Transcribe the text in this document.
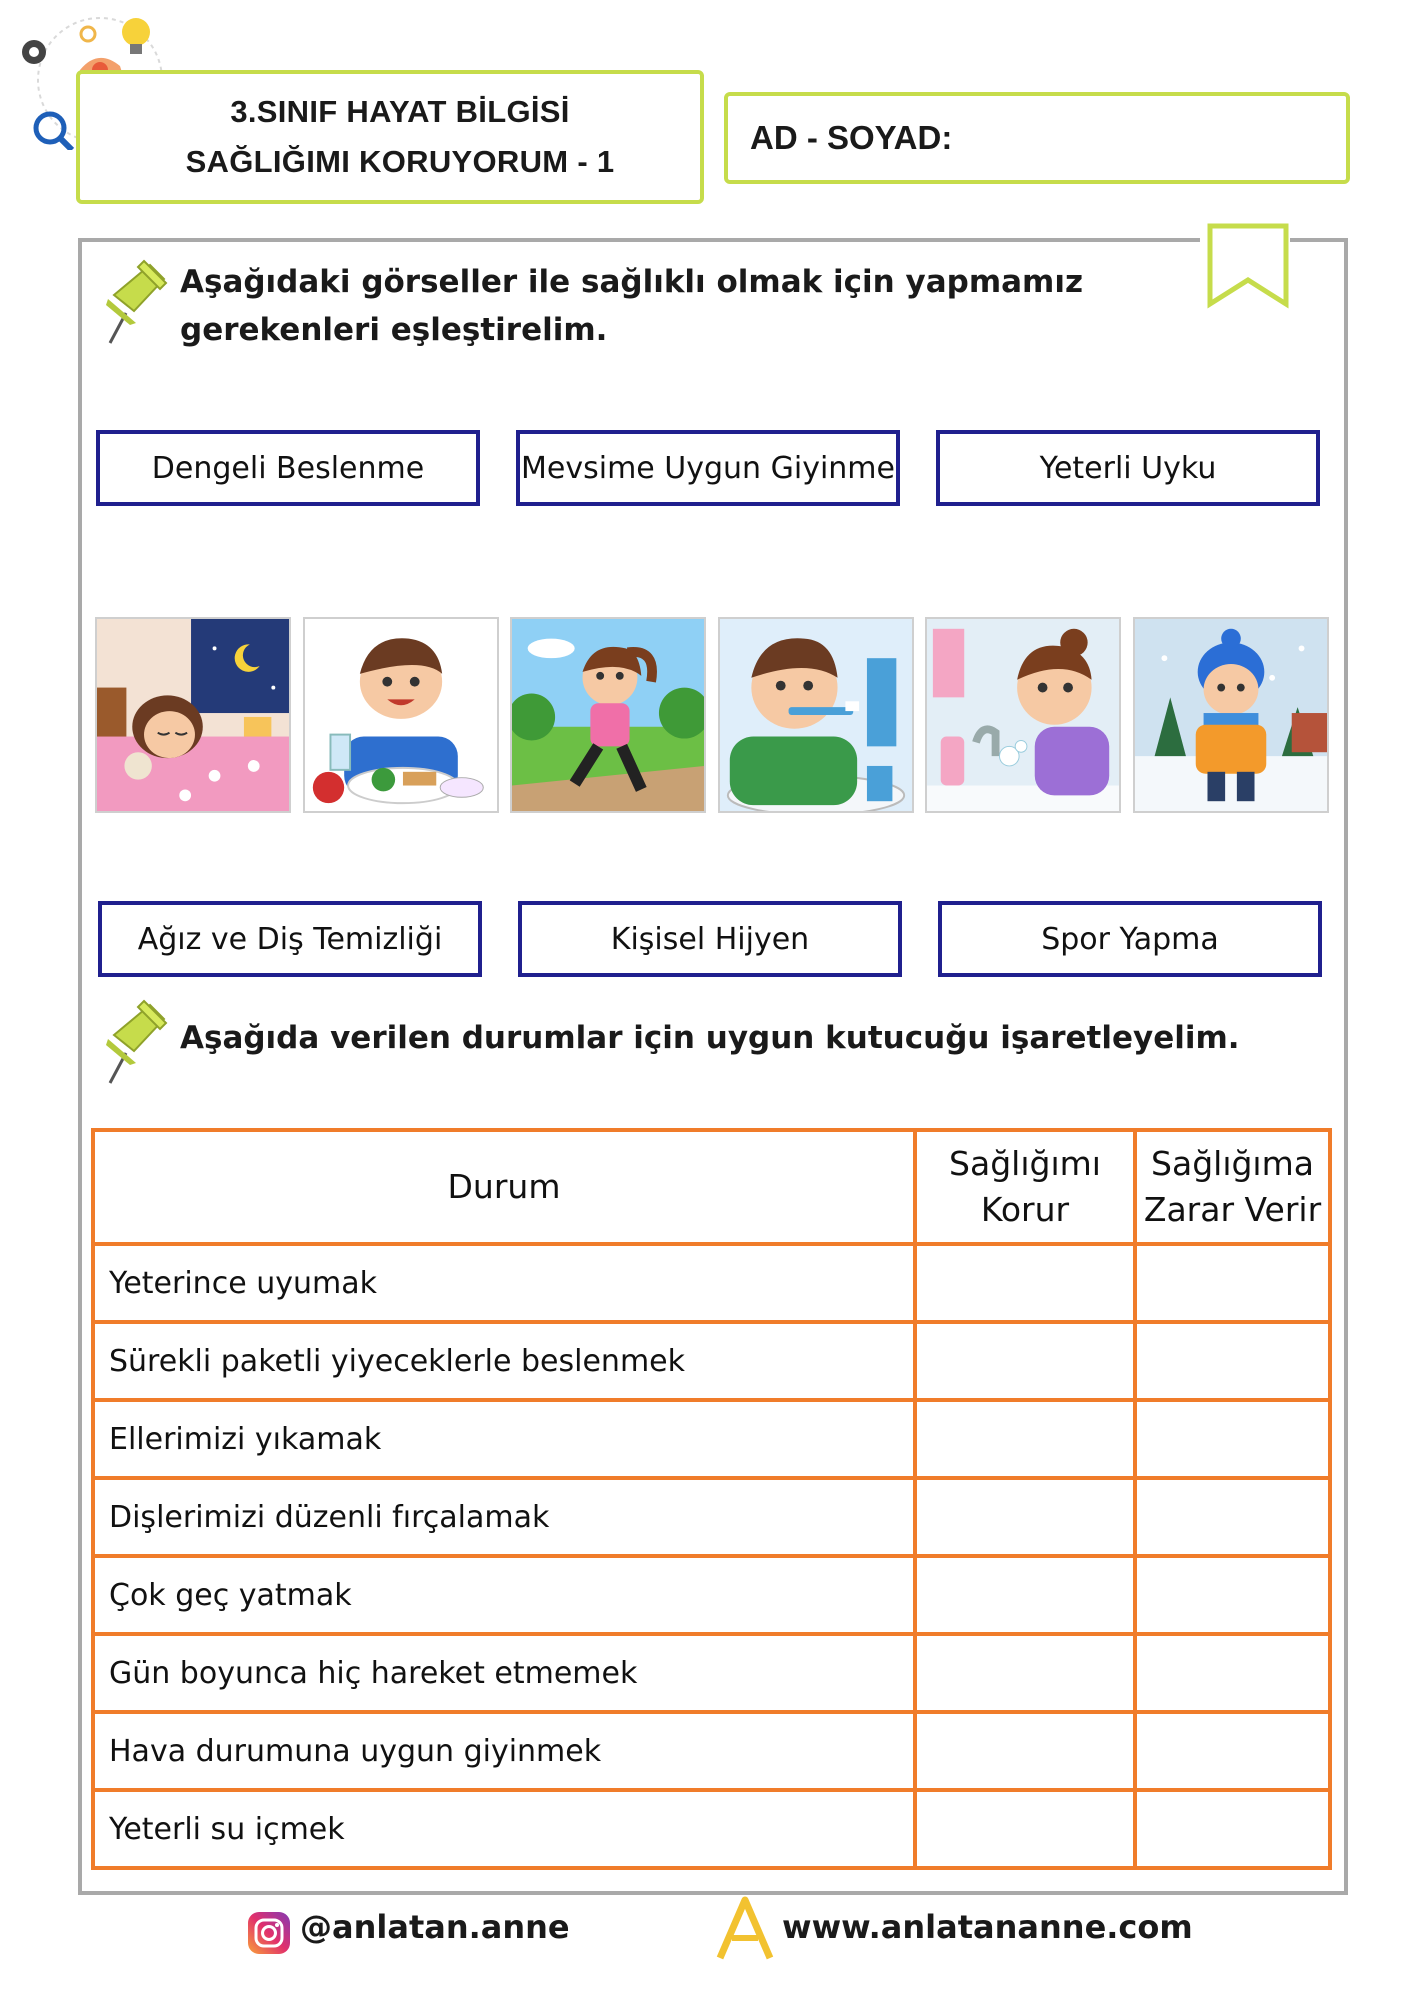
3.SINIF HAYAT BİLGİSİ
SAĞLIĞIMI KORUYORUM - 1
AD - SOYAD:
Aşağıdaki görseller ile sağlıklı olmak için yapmamız
gerekenleri eşleştirelim.
Dengeli Beslenme	Mevsime Uygun Giyinme	Yeterli Uyku
Ağız ve Diş Temizliği	Kişisel Hijyen	Spor Yapma
Aşağıda verilen durumlar için uygun kutucuğu işaretleyelim.
Durum	Sağlığımı Korur	Sağlığıma Zarar Verir
Yeterince uyumak		
Sürekli paketli yiyeceklerle beslenmek		
Ellerimizi yıkamak		
Dişlerimizi düzenli fırçalamak		
Çok geç yatmak		
Gün boyunca hiç hareket etmemek		
Hava durumuna uygun giyinmek		
Yeterli su içmek		
@anlatan.anne	www.anlatananne.com
